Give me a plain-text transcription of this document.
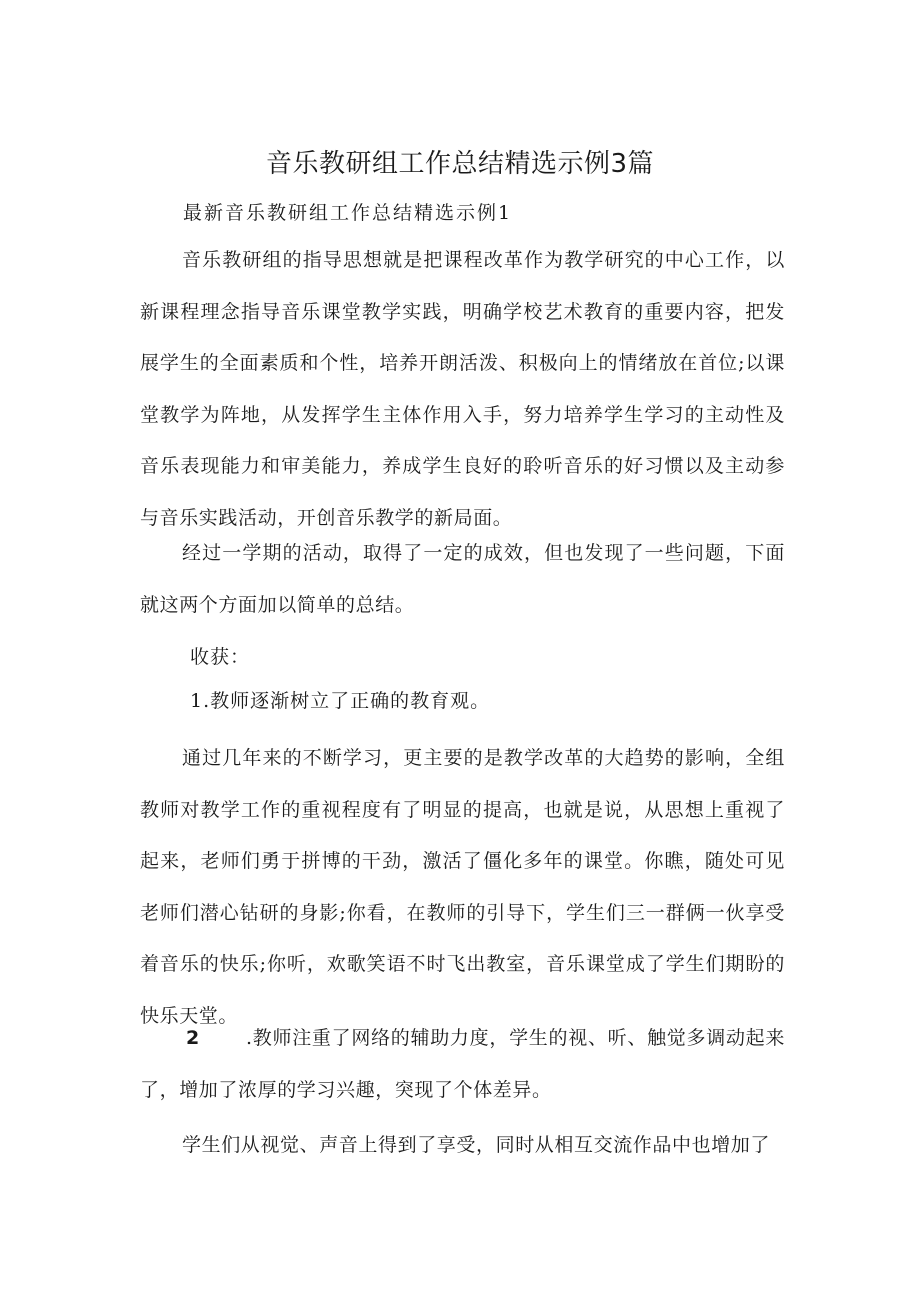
音乐教研组工作总结精选示例3篇
最新音乐教研组工作总结精选示例1
音乐教研组的指导思想就是把课程改革作为教学研究的中心工作，以新课程理念指导音乐课堂教学实践，明确学校艺术教育的重要内容，把发展学生的全面素质和个性，培养开朗活泼、积极向上的情绪放在首位;以课堂教学为阵地，从发挥学生主体作用入手，努力培养学生学习的主动性及音乐表现能力和审美能力，养成学生良好的聆听音乐的好习惯以及主动参与音乐实践活动，开创音乐教学的新局面。
经过一学期的活动，取得了一定的成效，但也发现了一些问题，下面就这两个方面加以简单的总结。
收获：
1.教师逐渐树立了正确的教育观。
通过几年来的不断学习，更主要的是教学改革的大趋势的影响，全组教师对教学工作的重视程度有了明显的提高，也就是说，从思想上重视了起来，老师们勇于拼博的干劲，激活了僵化多年的课堂。你瞧，随处可见老师们潜心钻研的身影;你看，在教师的引导下，学生们三一群俩一伙享受着音乐的快乐;你听，欢歌笑语不时飞出教室，音乐课堂成了学生们期盼的快乐天堂。
2 .教师注重了网络的辅助力度，学生的视、听、触觉多调动起来了，增加了浓厚的学习兴趣，突现了个体差异。
学生们从视觉、声音上得到了享受，同时从相互交流作品中也增加了
